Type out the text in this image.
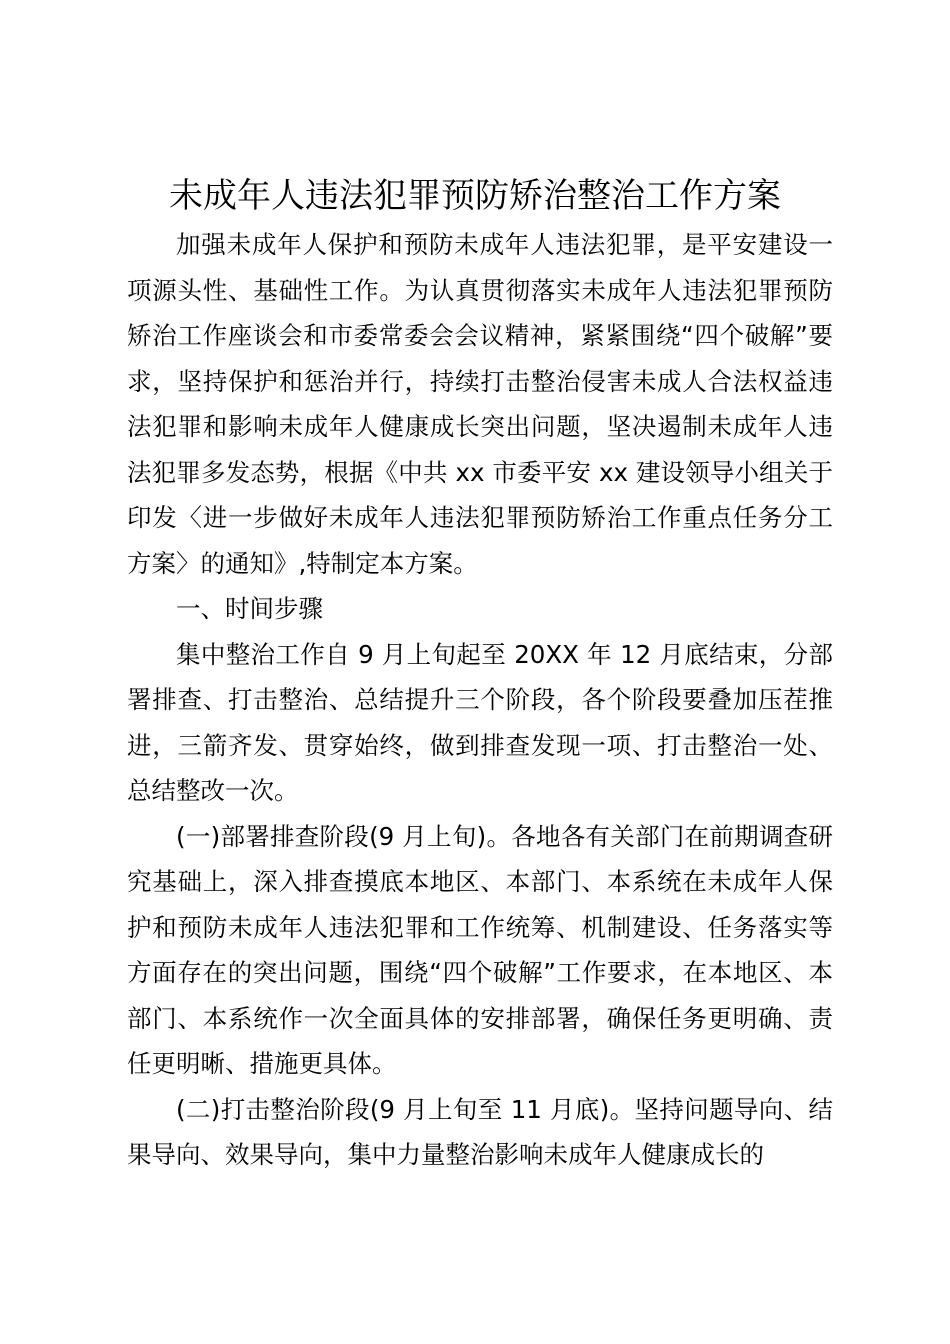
未成年人违法犯罪预防矫治整治工作方案

加强未成年人保护和预防未成年人违法犯罪，是平安建设一项源头性、基础性工作。为认真贯彻落实未成年人违法犯罪预防矫治工作座谈会和市委常委会会议精神，紧紧围绕“四个破解”要求，坚持保护和惩治并行，持续打击整治侵害未成人合法权益违法犯罪和影响未成年人健康成长突出问题，坚决遏制未成年人违法犯罪多发态势，根据《中共 xx 市委平安 xx 建设领导小组关于印发〈进一步做好未成年人违法犯罪预防矫治工作重点任务分工方案〉的通知》,特制定本方案。

一、时间步骤

集中整治工作自 9 月上旬起至 20XX 年 12 月底结束，分部署排查、打击整治、总结提升三个阶段，各个阶段要叠加压茬推进，三箭齐发、贯穿始终，做到排查发现一项、打击整治一处、总结整改一次。

(一)部署排查阶段(9 月上旬)。各地各有关部门在前期调查研究基础上，深入排查摸底本地区、本部门、本系统在未成年人保护和预防未成年人违法犯罪和工作统筹、机制建设、任务落实等方面存在的突出问题，围绕“四个破解”工作要求，在本地区、本部门、本系统作一次全面具体的安排部署，确保任务更明确、责任更明晰、措施更具体。

(二)打击整治阶段(9 月上旬至 11 月底)。坚持问题导向、结果导向、效果导向，集中力量整治影响未成年人健康成长的
